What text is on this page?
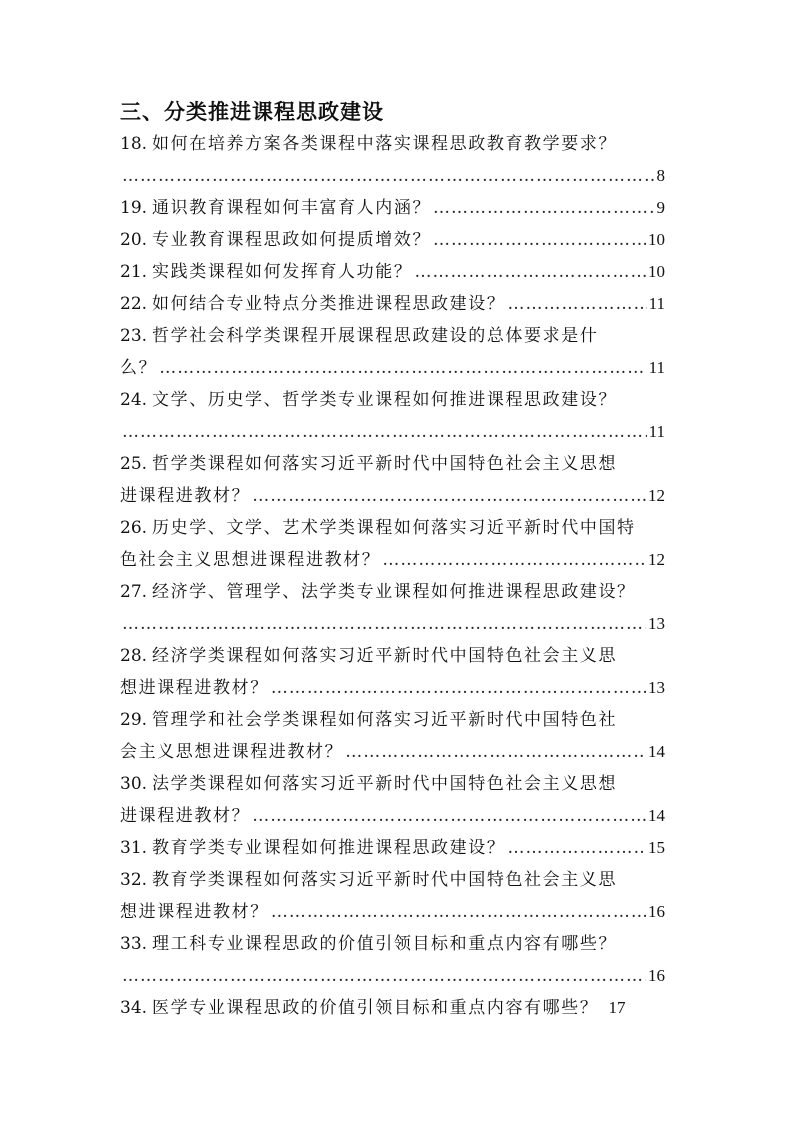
三、分类推进课程思政建设
18. 如何在培养方案各类课程中落实课程思政教育教学要求？
……………………………………………………………………………………………………………………………
8
19. 通识教育课程如何丰富育人内涵？ ……………………………………………………………………………………………………………………………	9
20. 专业教育课程思政如何提质增效？ ……………………………………………………………………………………………………………………………	10
21. 实践类课程如何发挥育人功能？ ……………………………………………………………………………………………………………………………	10
22. 如何结合专业特点分类推进课程思政建设？ ……………………………………………………………………………………………………………………………	11
23. 哲学社会科学类课程开展课程思政建设的总体要求是什
么？ ……………………………………………………………………………………………………………………………	11
24. 文学、历史学、哲学类专业课程如何推进课程思政建设？
……………………………………………………………………………………………………………………………
11
25. 哲学类课程如何落实习近平新时代中国特色社会主义思想
进课程进教材？ ……………………………………………………………………………………………………………………………	12
26. 历史学、文学、艺术学类课程如何落实习近平新时代中国特
色社会主义思想进课程进教材？ ……………………………………………………………………………………………………………………………	12
27. 经济学、管理学、法学类专业课程如何推进课程思政建设？
……………………………………………………………………………………………………………………………
13
28. 经济学类课程如何落实习近平新时代中国特色社会主义思
想进课程进教材？ ……………………………………………………………………………………………………………………………	13
29. 管理学和社会学类课程如何落实习近平新时代中国特色社
会主义思想进课程进教材？ ……………………………………………………………………………………………………………………………	14
30. 法学类课程如何落实习近平新时代中国特色社会主义思想
进课程进教材？ ……………………………………………………………………………………………………………………………	14
31. 教育学类专业课程如何推进课程思政建设？ ……………………………………………………………………………………………………………………………	15
32. 教育学类课程如何落实习近平新时代中国特色社会主义思
想进课程进教材？ ……………………………………………………………………………………………………………………………	16
33. 理工科专业课程思政的价值引领目标和重点内容有哪些？
……………………………………………………………………………………………………………………………
16
34. 医学专业课程思政的价值引领目标和重点内容有哪些？ 17
